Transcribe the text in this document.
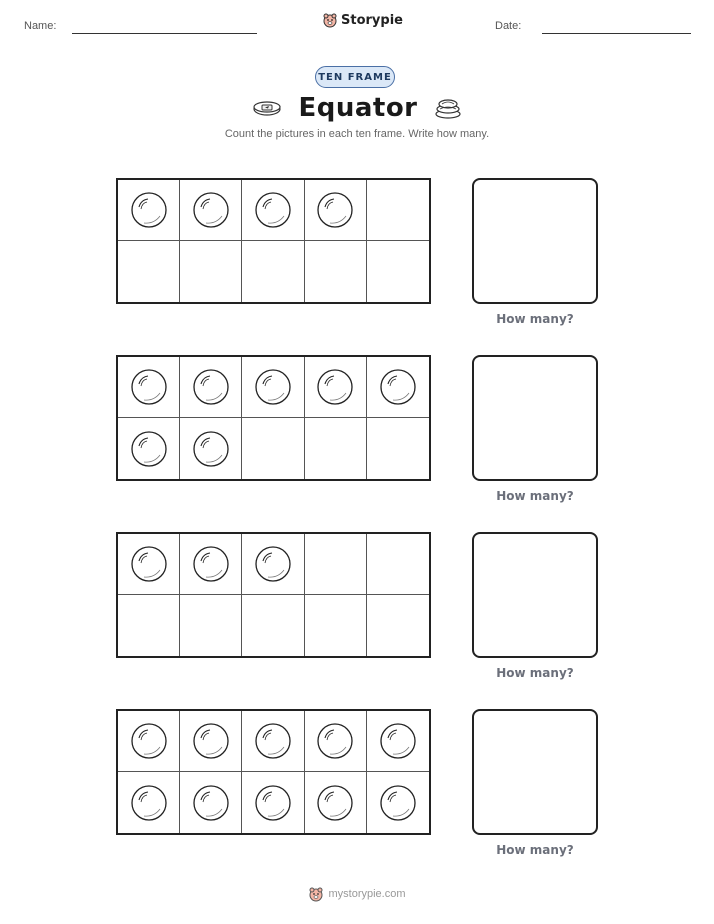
Name:	Storypie	Date:
TEN FRAME
Equator
Count the pictures in each ten frame. Write how many.
How many?
How many?
How many?
How many?
mystorypie.com
